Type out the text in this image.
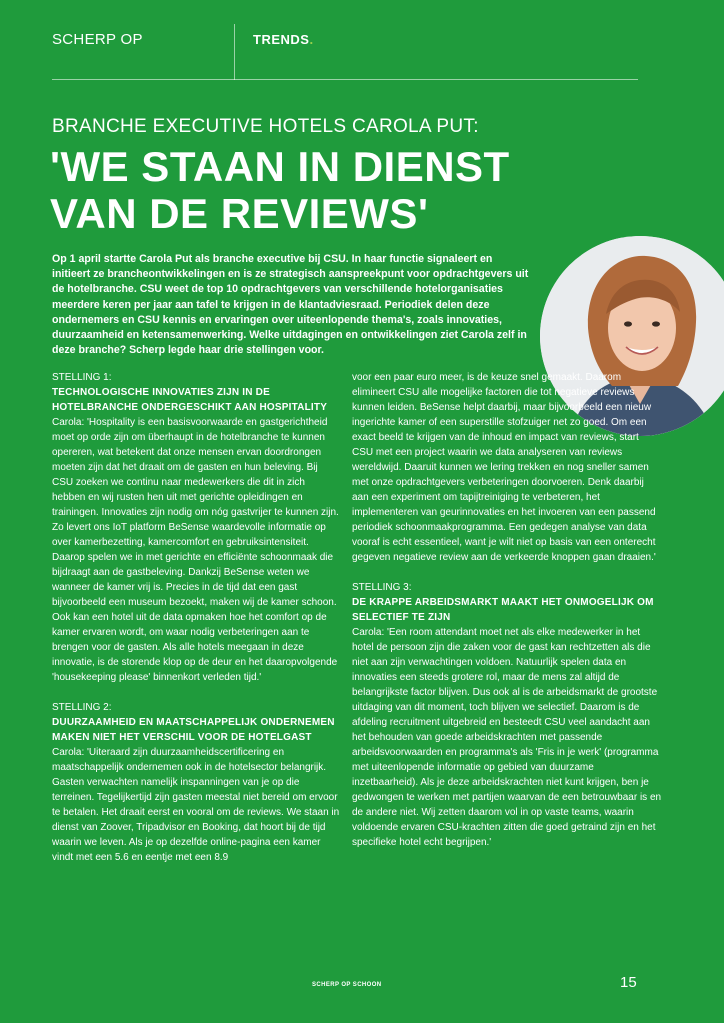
SCHERP OP	TRENDS.
BRANCHE EXECUTIVE HOTELS CAROLA PUT:
'WE STAAN IN DIENST
VAN DE REVIEWS'
Op 1 april startte Carola Put als branche executive bij CSU. In haar functie signaleert en initieert ze brancheontwikkelingen en is ze strategisch aanspreekpunt voor opdrachtgevers uit de hotelbranche. CSU weet de top 10 opdrachtgevers van verschillende hotelorganisaties meerdere keren per jaar aan tafel te krijgen in de klantadviesraad. Periodiek delen deze ondernemers en CSU kennis en ervaringen over uiteenlopende thema's, zoals innovaties, duurzaamheid en ketensamenwerking. Welke uitdagingen en ontwikkelingen ziet Carola zelf in deze branche? Scherp legde haar drie stellingen voor.
STELLING 1:
TECHNOLOGISCHE INNOVATIES ZIJN IN DE HOTELBRANCHE ONDERGESCHIKT AAN HOSPITALITY
Carola: 'Hospitality is een basisvoorwaarde en gastgerichtheid moet op orde zijn om überhaupt in de hotelbranche te kunnen opereren, wat betekent dat onze mensen ervan doordrongen moeten zijn dat het draait om de gasten en hun beleving. Bij CSU zoeken we continu naar medewerkers die dit in zich hebben en wij rusten hen uit met gerichte opleidingen en trainingen. Innovaties zijn nodig om nóg gastvrijer te kunnen zijn. Zo levert ons IoT platform BeSense waardevolle informatie op over kamerbezetting, kamercomfort en gebruiksintensiteit. Daarop spelen we in met gerichte en efficiënte schoonmaak die bijdraagt aan de gastbeleving. Dankzij BeSense weten we wanneer de kamer vrij is. Precies in de tijd dat een gast bijvoorbeeld een museum bezoekt, maken wij de kamer schoon. Ook kan een hotel uit de data opmaken hoe het comfort op de kamer ervaren wordt, om waar nodig verbeteringen aan te brengen voor de gasten. Als alle hotels meegaan in deze innovatie, is de storende klop op de deur en het daaropvolgende 'housekeeping please' binnenkort verleden tijd.'
STELLING 2:
DUURZAAMHEID EN MAATSCHAPPELIJK ONDERNEMEN MAKEN NIET HET VERSCHIL VOOR DE HOTELGAST
Carola: 'Uiteraard zijn duurzaamheidscertificering en maatschappelijk ondernemen ook in de hotelsector belangrijk. Gasten verwachten namelijk inspanningen van je op die terreinen. Tegelijkertijd zijn gasten meestal niet bereid om ervoor te betalen. Het draait eerst en vooral om de reviews. We staan in dienst van Zoover, Tripadvisor en Booking, dat hoort bij de tijd waarin we leven. Als je op dezelfde online-pagina een kamer vindt met een 5.6 en eentje met een 8.9
voor een paar euro meer, is de keuze snel gemaakt. Daarom elimineert CSU alle mogelijke factoren die tot negatieve reviews kunnen leiden. BeSense helpt daarbij, maar bijvoorbeeld een nieuw ingerichte kamer of een superstille stofzuiger net zo goed. Om een exact beeld te krijgen van de inhoud en impact van reviews, start CSU met een project waarin we data analyseren van reviews wereldwijd. Daaruit kunnen we lering trekken en nog sneller samen met onze opdrachtgevers verbeteringen doorvoeren. Denk daarbij aan een experiment om tapijtreiniging te verbeteren, het implementeren van geurinnovaties en het invoeren van een passend periodiek schoonmaakprogramma. Een gedegen analyse van data vooraf is echt essentieel, want je wilt niet op basis van een onterecht gegeven negatieve review aan de verkeerde knoppen gaan draaien.'
STELLING 3:
DE KRAPPE ARBEIDSMARKT MAAKT HET ONMOGELIJK OM SELECTIEF TE ZIJN
Carola: 'Een room attendant moet net als elke medewerker in het hotel de persoon zijn die zaken voor de gast kan rechtzetten als die niet aan zijn verwachtingen voldoen. Natuurlijk spelen data en innovaties een steeds grotere rol, maar de mens zal altijd de belangrijkste factor blijven. Dus ook al is de arbeidsmarkt de grootste uitdaging van dit moment, toch blijven we selectief. Daarom is de afdeling recruitment uitgebreid en besteedt CSU veel aandacht aan het behouden van goede arbeidskrachten met passende arbeidsvoorwaarden en programma's als 'Fris in je werk' (programma met uiteenlopende informatie op gebied van duurzame inzetbaarheid). Als je deze arbeidskrachten niet kunt krijgen, ben je gedwongen te werken met partijen waarvan de een betrouwbaar is en de andere niet. Wij zetten daarom vol in op vaste teams, waarin voldoende ervaren CSU-krachten zitten die goed getraind zijn en het specifieke hotel echt begrijpen.'
SCHERP OP SCHOON	15
